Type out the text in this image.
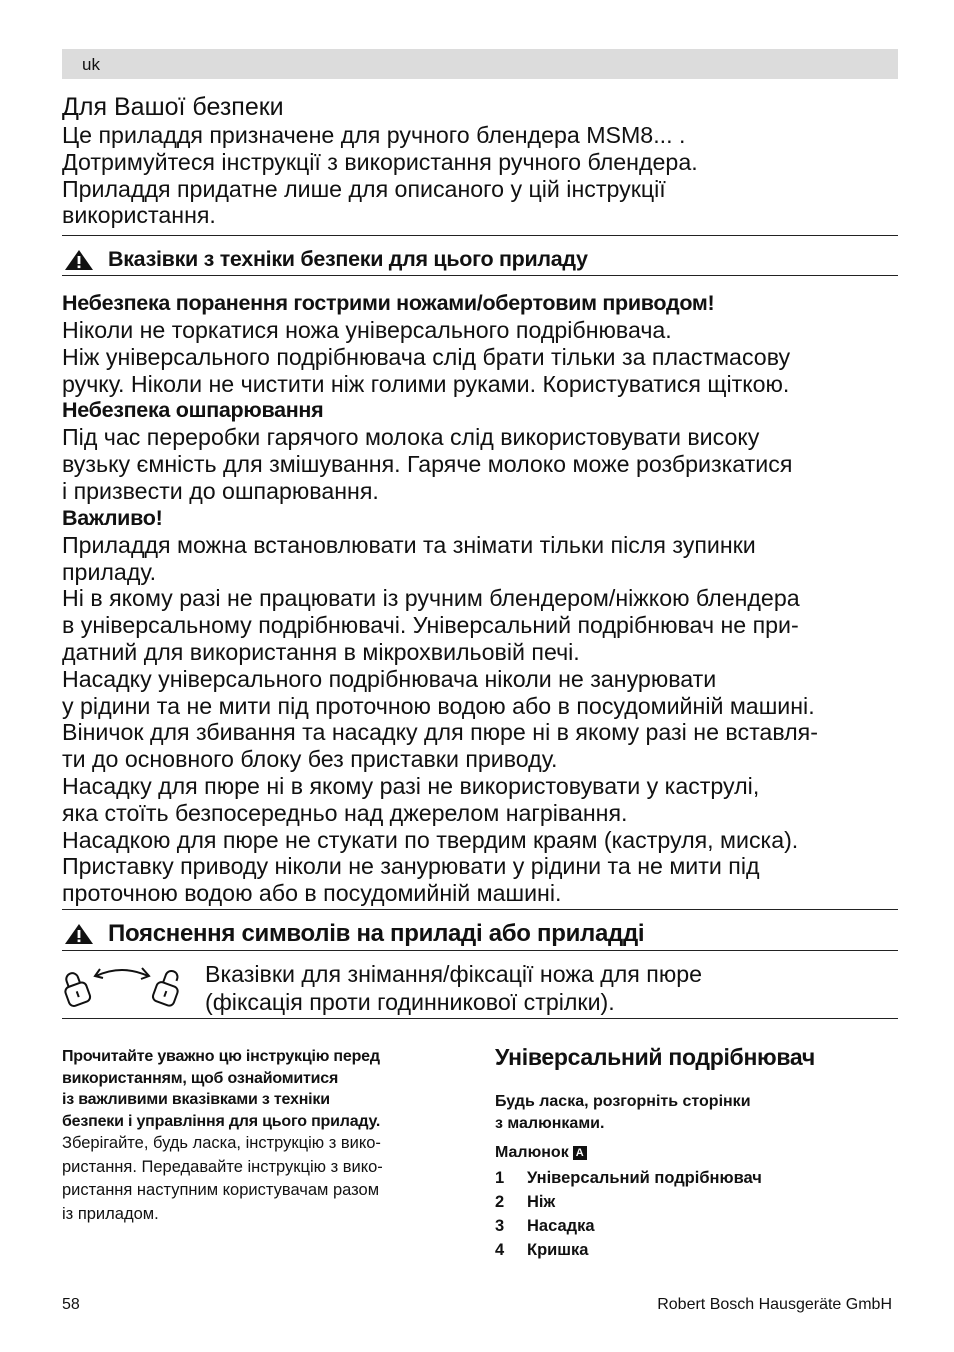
uk

Для Вашої безпеки

Це приладдя призначене для ручного блендера MSM8... .

Дотримуйтеся інструкції з використання ручного блендера.

Приладдя придатне лише для описаного у цій інструкції

використання.

Вказівки з техніки безпеки для цього приладу

Небезпека поранення гострими ножами/обертовим приводом!

Ніколи не торкатися ножа універсального подрібнювача.

Ніж універсального подрібнювача слід брати тільки за пластмасову

ручку. Ніколи не чистити ніж голими руками. Користуватися щіткою.

Небезпека ошпарювання

Під час переробки гарячого молока слід використовувати високу

вузьку ємність для змішування. Гаряче молоко може розбризкатися

і призвести до ошпарювання.

Важливо!

Приладдя можна встановлювати та знімати тільки після зупинки

приладу.

Ні в якому разі не працювати із ручним блендером/ніжкою блендера

в універсальному подрібнювачі. Універсальний подрібнювач не при-

датний для використання в мікрохвильовій печі.

Насадку універсального подрібнювача ніколи не занурювати

у рідини та не мити під проточною водою або в посудомийній машині.

Віничок для збивання та насадку для пюре ні в якому разі не вставля-

ти до основного блоку без приставки приводу.

Насадку для пюре ні в якому разі не використовувати у каструлі,

яка стоїть безпосередньо над джерелом нагрівання.

Насадкою для пюре не стукати по твердим краям (каструля, миска).

Приставку приводу ніколи не занурювати у рідини та не мити під

проточною водою або в посудомийній машині.

Пояснення символів на приладі або приладді
Вказівки для знімання/фіксації ножа для пюре
(фіксація проти годинникової стрілки).

Прочитайте уважно цю інструкцію перед

використанням, щоб ознайомитися

із важливими вказівками з техніки

безпеки і управління для цього приладу.

Зберігайте, будь ласка, інструкцію з вико-

ристання. Передавайте інструкцію з вико-

ристання наступним користувачам разом

із приладом.

Універсальний подрібнювач

Будь ласка, розгорніть сторінки
з малюнками.

Малюнок A

1	Універсальний подрібнювач
2	Ніж
3	Насадка
4	Кришка
58	Robert Bosch Hausgeräte GmbH
